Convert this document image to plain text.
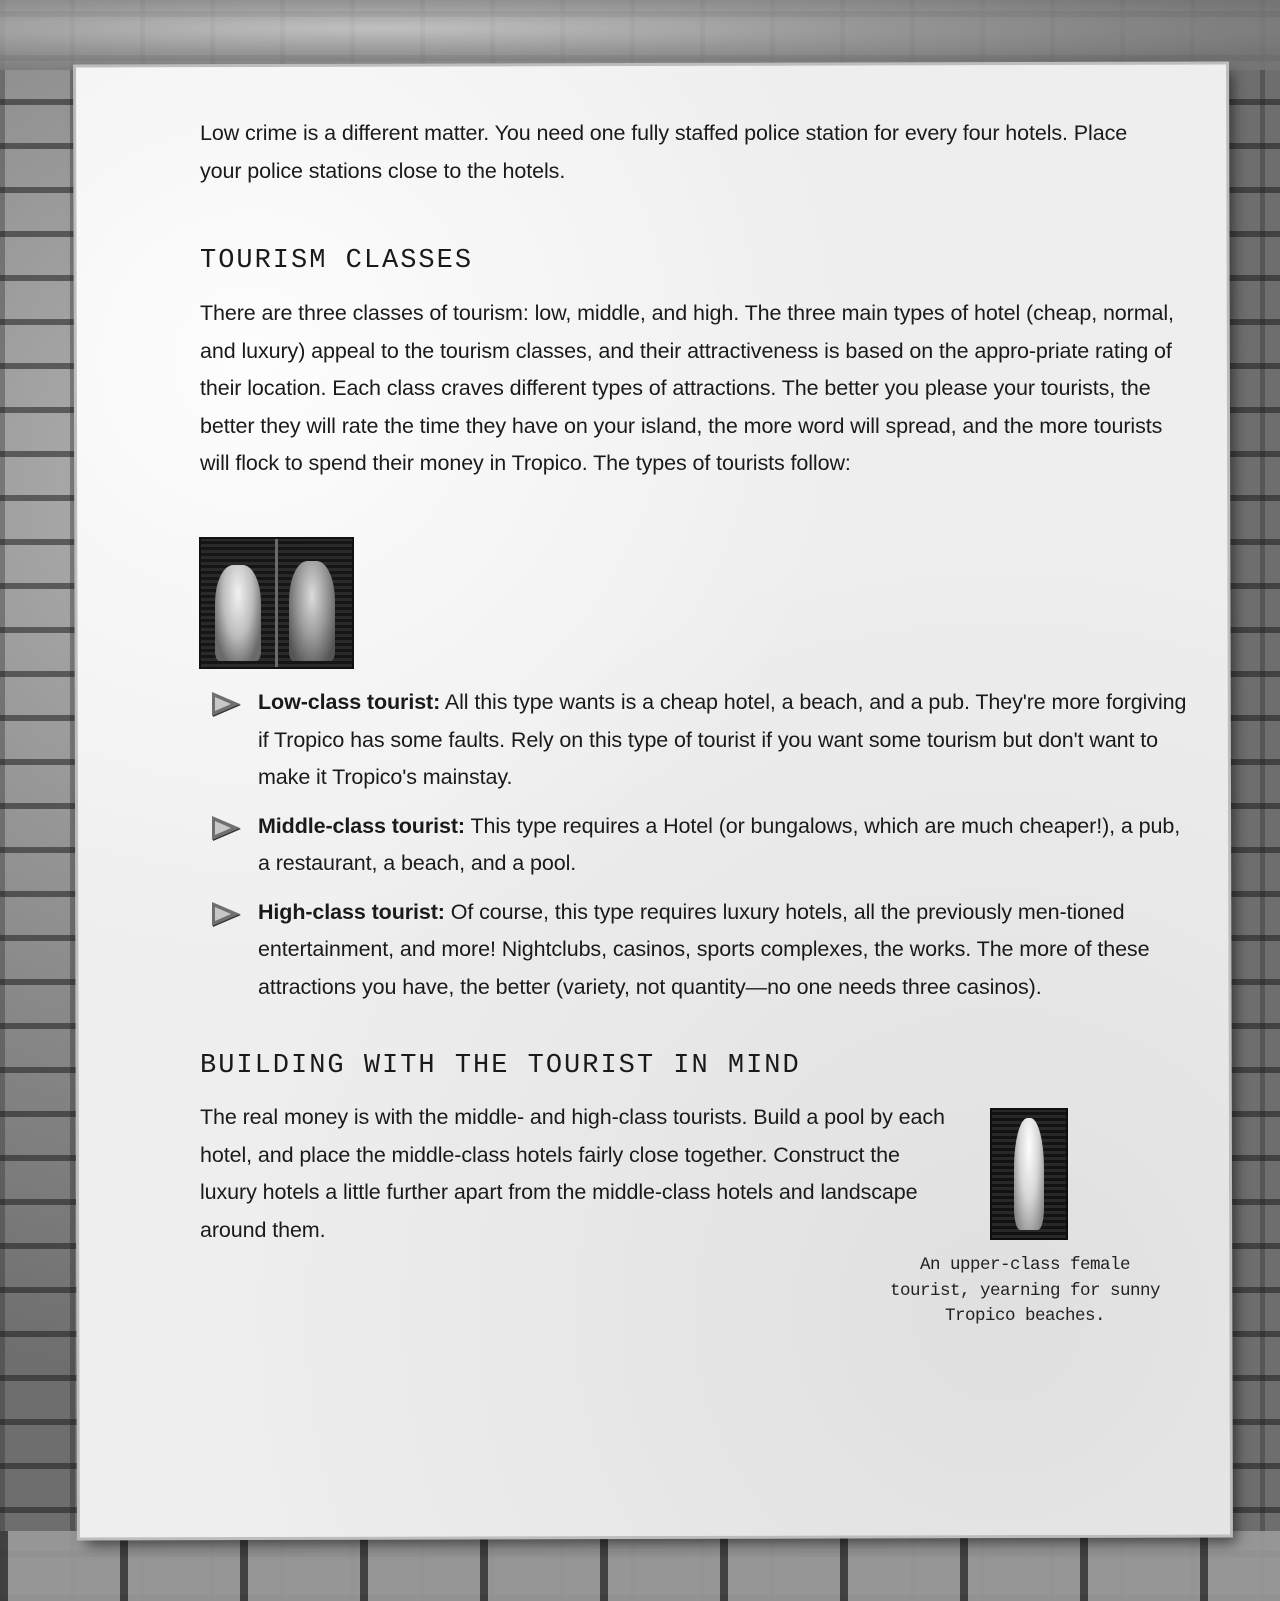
Low crime is a different matter. You need one fully staffed police station for every four hotels. Place your police stations close to the hotels.

TOURISM CLASSES

There are three classes of tourism: low, middle, and high. The three main types of hotel (cheap, normal, and luxury) appeal to the tourism classes, and their attractiveness is based on the appro-priate rating of their location. Each class craves different types of attractions. The better you please your tourists, the better they will rate the time they have on your island, the more word will spread, and the more tourists will flock to spend their money in Tropico. The types of tourists follow:

Low-class tourist: All this type wants is a cheap hotel, a beach, and a pub. They're more forgiving if Tropico has some faults. Rely on this type of tourist if you want some tourism but don't want to make it Tropico's mainstay.
Middle-class tourist: This type requires a Hotel (or bungalows, which are much cheaper!), a pub, a restaurant, a beach, and a pool.
High-class tourist: Of course, this type requires luxury hotels, all the previously men-tioned entertainment, and more! Nightclubs, casinos, sports complexes, the works. The more of these attractions you have, the better (variety, not quantity—no one needs three casinos).
BUILDING WITH THE TOURIST IN MIND

The real money is with the middle- and high-class tourists. Build a pool by each hotel, and place the middle-class hotels fairly close together. Construct the luxury hotels a little further apart from the middle-class hotels and landscape around them.

An upper-class female tourist, yearning for sunny Tropico beaches.
